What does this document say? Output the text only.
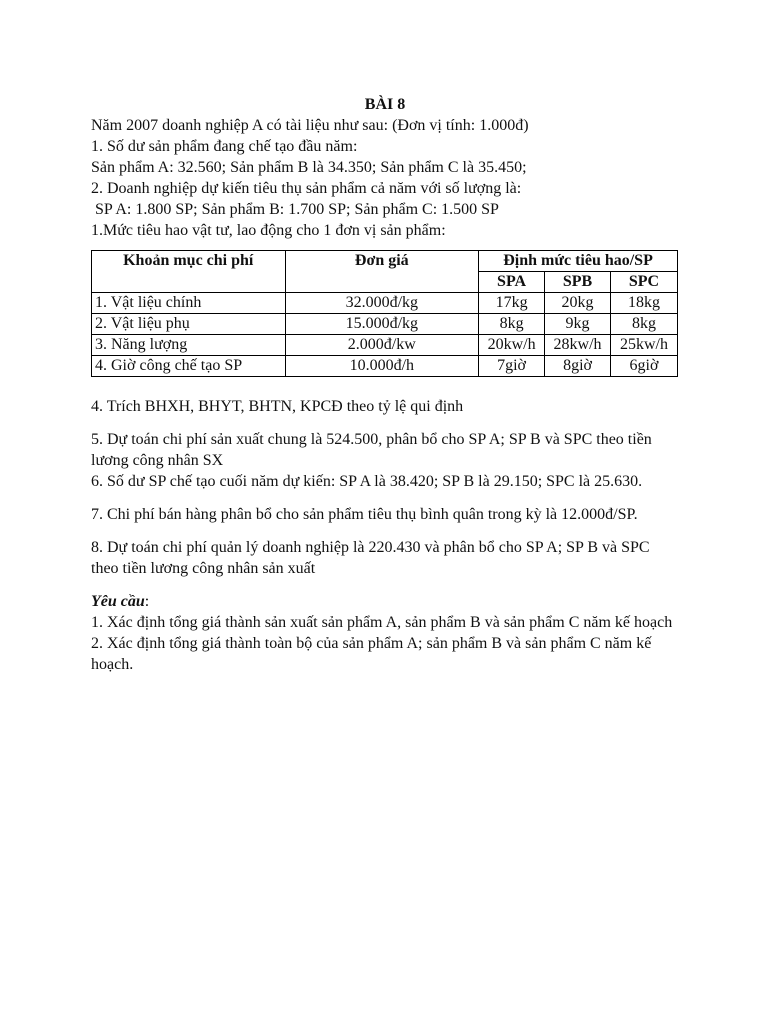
BÀI 8

Năm 2007 doanh nghiệp A có tài liệu như sau: (Đơn vị tính: 1.000đ)

1. Số dư sản phẩm đang chế tạo đầu năm:

Sản phẩm A: 32.560; Sản phẩm B là 34.350; Sản phẩm C là 35.450;

2. Doanh nghiệp dự kiến tiêu thụ sản phẩm cả năm với số lượng là:

SP A: 1.800 SP; Sản phẩm B: 1.700 SP; Sản phẩm C: 1.500 SP

1.Mức tiêu hao vật tư, lao động cho 1 đơn vị sản phẩm:

Khoản mục chi phí	Đơn giá	Định mức tiêu hao/SP		
		SPA	SPB	SPC
1. Vật liệu chính	32.000đ/kg	17kg	20kg	18kg
2. Vật liệu phụ	15.000đ/kg	8kg	9kg	8kg
3. Năng lượng	2.000đ/kw	20kw/h	28kw/h	25kw/h
4. Giờ công chế tạo SP	10.000đ/h	7giờ	8giờ	6giờ

4. Trích BHXH, BHYT, BHTN, KPCĐ theo tỷ lệ qui định

5. Dự toán chi phí sản xuất chung là 524.500, phân bổ cho SP A; SP B và SPC theo tiền lương công nhân SX

6. Số dư SP chế tạo cuối năm dự kiến: SP A là 38.420; SP B là 29.150; SPC là 25.630.

7. Chi phí bán hàng phân bổ cho sản phẩm tiêu thụ bình quân trong kỳ là 12.000đ/SP.

8. Dự toán chi phí quản lý doanh nghiệp là 220.430 và phân bổ cho SP A; SP B và SPC theo tiền lương công nhân sản xuất

Yêu cầu:

1. Xác định tổng giá thành sản xuất sản phẩm A, sản phẩm B và sản phẩm C năm kế hoạch

2. Xác định tổng giá thành toàn bộ của sản phẩm A; sản phẩm B và sản phẩm C năm kế hoạch.
